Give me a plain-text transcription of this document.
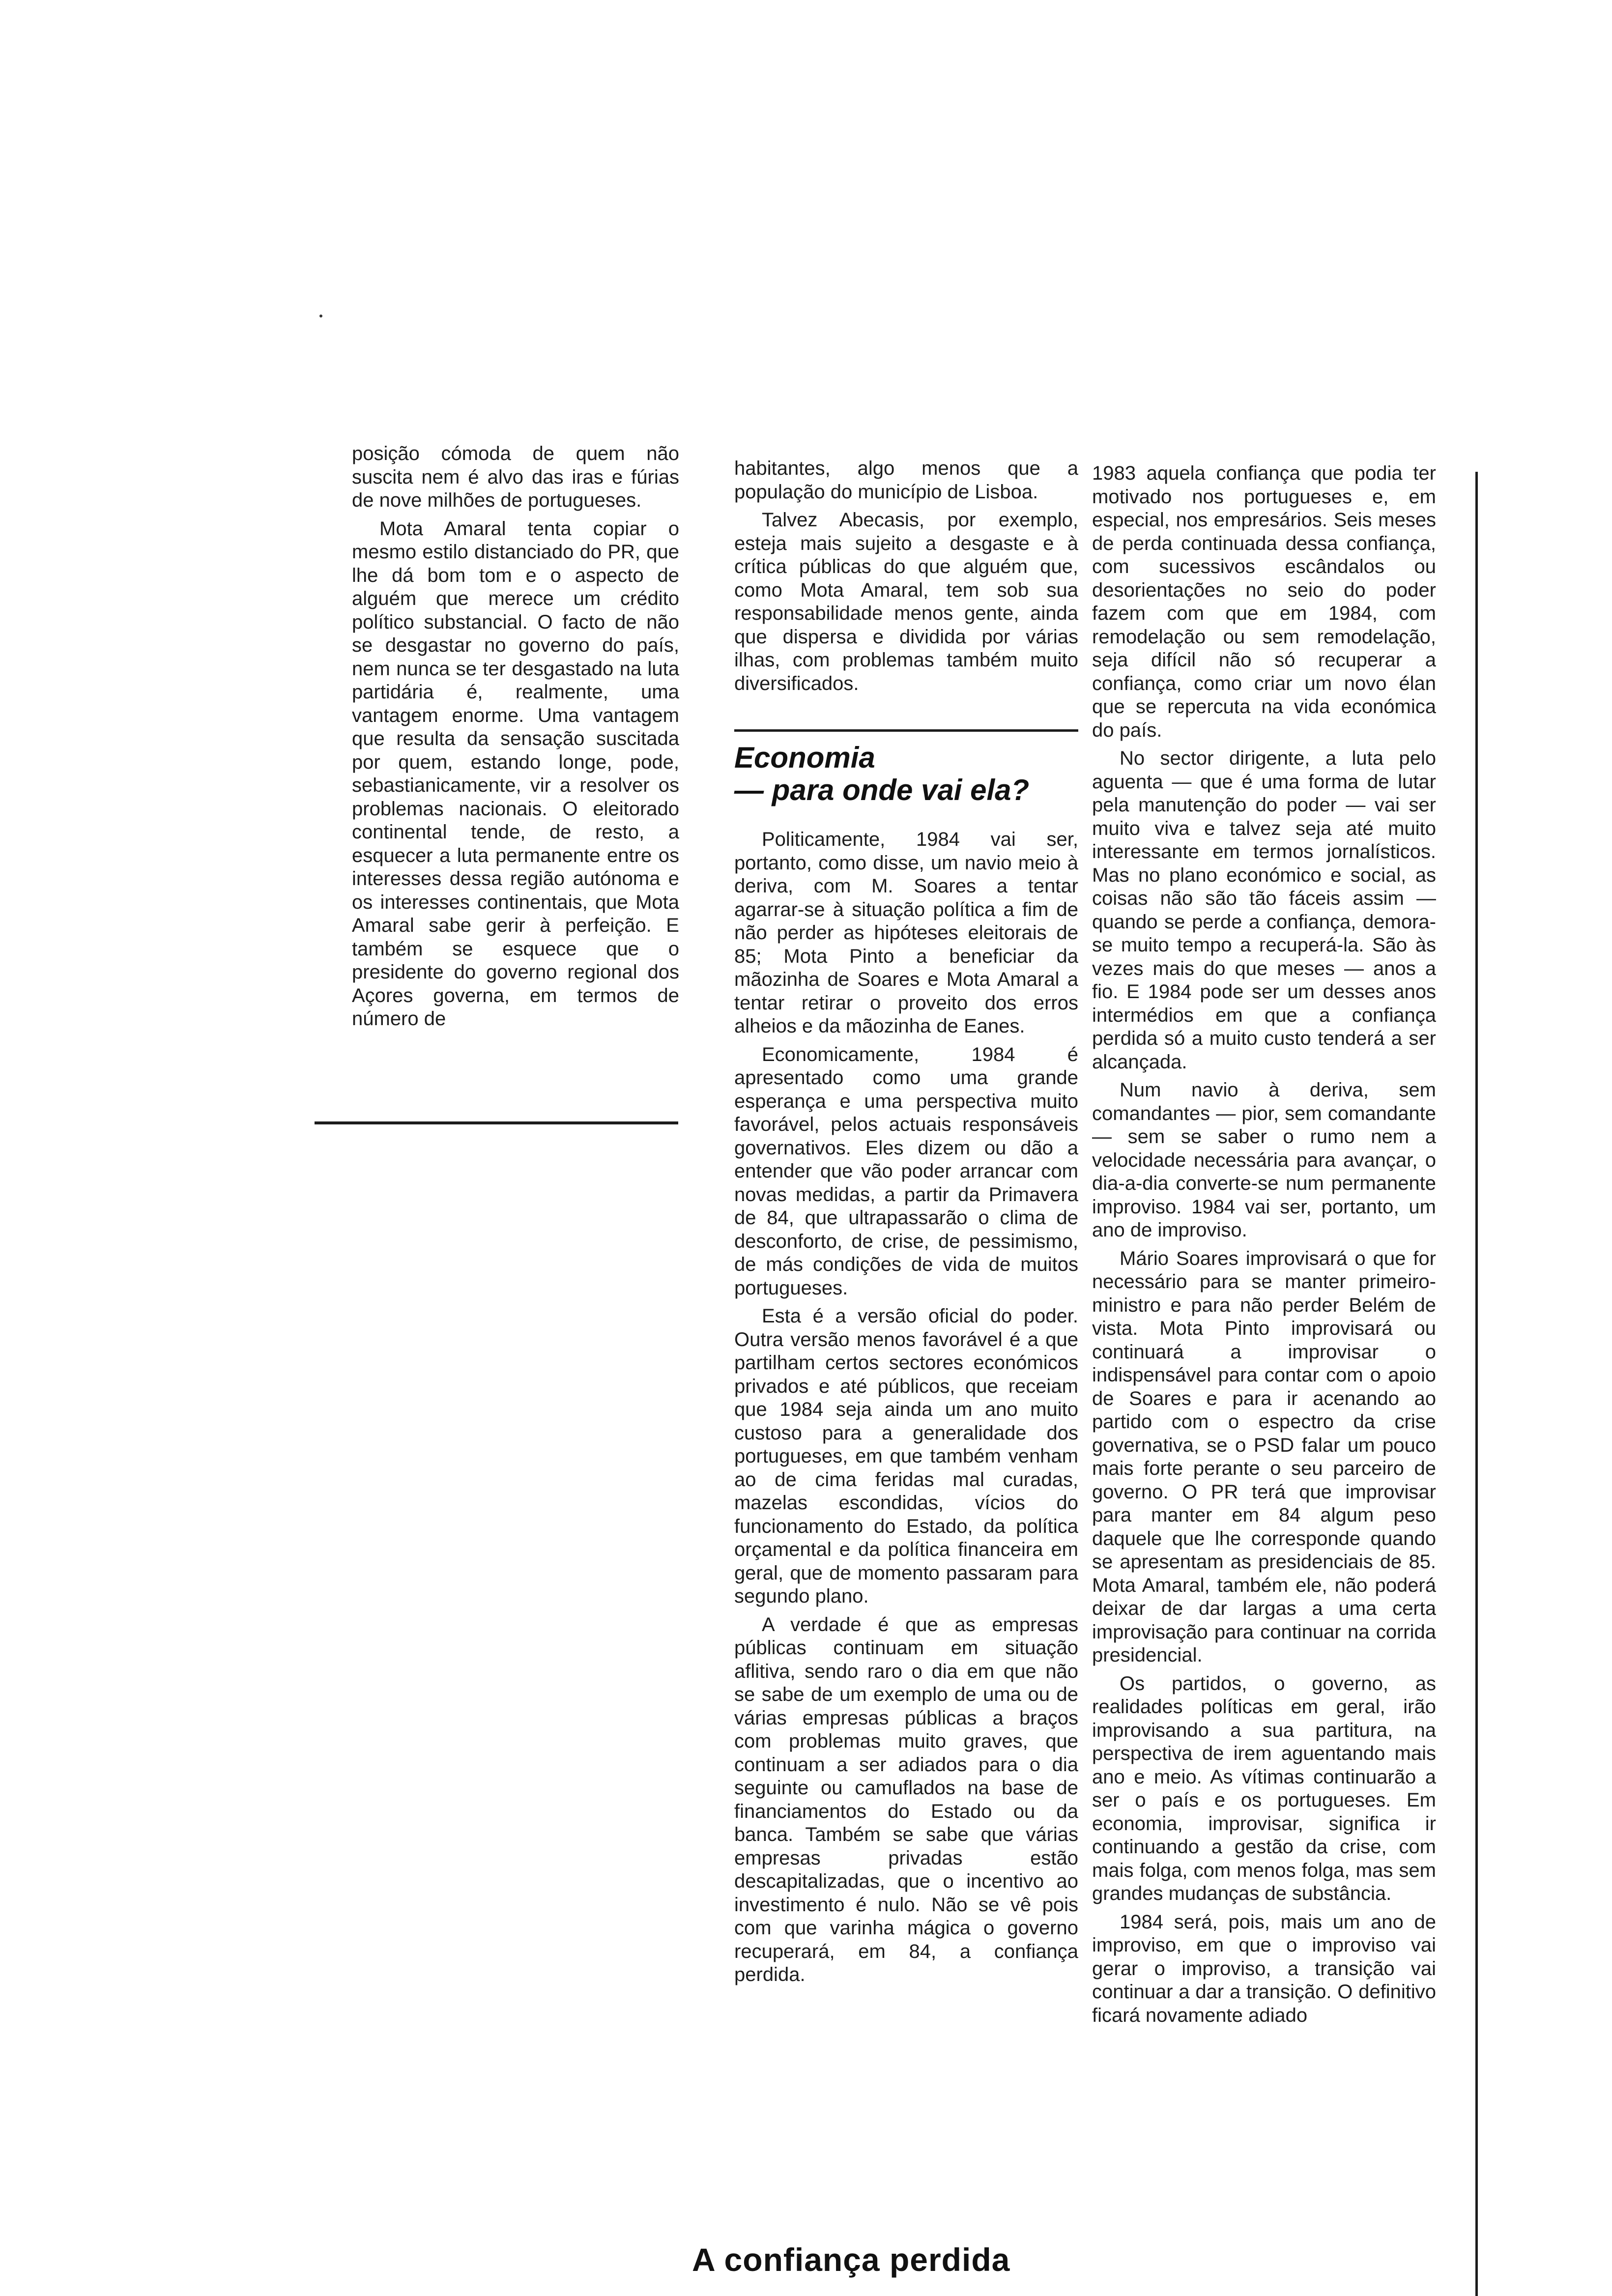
posição cómoda de quem não suscita nem é alvo das iras e fúrias de nove milhões de portugueses.

Mota Amaral tenta copiar o mesmo estilo distanciado do PR, que lhe dá bom tom e o aspecto de alguém que merece um crédito político substancial. O facto de não se desgastar no governo do país, nem nunca se ter desgastado na luta partidária é, realmente, uma vantagem enorme. Uma vantagem que resulta da sensação suscitada por quem, estando longe, pode, sebastianicamente, vir a resolver os problemas nacionais. O eleitorado continental tende, de resto, a esquecer a luta permanente entre os interesses dessa região autónoma e os interesses continentais, que Mota Amaral sabe gerir à perfeição. E também se esquece que o presidente do governo regional dos Açores governa, em termos de número de

habitantes, algo menos que a população do município de Lisboa.

Talvez Abecasis, por exemplo, esteja mais sujeito a desgaste e à crítica públicas do que alguém que, como Mota Amaral, tem sob sua responsabilidade menos gente, ainda que dispersa e dividida por várias ilhas, com problemas também muito diversificados.

Economia
— para onde vai ela?

Politicamente, 1984 vai ser, portanto, como disse, um navio meio à deriva, com M. Soares a tentar agarrar-se à situação política a fim de não perder as hipóteses eleitorais de 85; Mota Pinto a beneficiar da mãozinha de Soares e Mota Amaral a tentar retirar o proveito dos erros alheios e da mãozinha de Eanes.

Economicamente, 1984 é apresentado como uma grande esperança e uma perspectiva muito favorável, pelos actuais responsáveis governativos. Eles dizem ou dão a entender que vão poder arrancar com novas medidas, a partir da Primavera de 84, que ultrapassarão o clima de desconforto, de crise, de pessimismo, de más condições de vida de muitos portugueses.

Esta é a versão oficial do poder. Outra versão menos favorável é a que partilham certos sectores económicos privados e até públicos, que receiam que 1984 seja ainda um ano muito custoso para a generalidade dos portugueses, em que também venham ao de cima feridas mal curadas, mazelas escondidas, vícios do funcionamento do Estado, da política orçamental e da política financeira em geral, que de momento passaram para segundo plano.

A verdade é que as empresas públicas continuam em situação aflitiva, sendo raro o dia em que não se sabe de um exemplo de uma ou de várias empresas públicas a braços com problemas muito graves, que continuam a ser adiados para o dia seguinte ou camuflados na base de financiamentos do Estado ou da banca. Também se sabe que várias empresas privadas estão descapitalizadas, que o incentivo ao investimento é nulo. Não se vê pois com que varinha mágica o governo recuperará, em 84, a confiança perdida.

A confiança perdida

1983 aquela confiança que podia ter motivado nos portugueses e, em especial, nos empresários. Seis meses de perda continuada dessa confiança, com sucessivos escândalos ou desorientações no seio do poder fazem com que em 1984, com remodelação ou sem remodelação, seja difícil não só recuperar a confiança, como criar um novo élan que se repercuta na vida económica do país.

No sector dirigente, a luta pelo aguenta — que é uma forma de lutar pela manutenção do poder — vai ser muito viva e talvez seja até muito interessante em termos jornalísticos. Mas no plano económico e social, as coisas não são tão fáceis assim — quando se perde a confiança, demora-se muito tempo a recuperá-la. São às vezes mais do que meses — anos a fio. E 1984 pode ser um desses anos intermédios em que a confiança perdida só a muito custo tenderá a ser alcançada.

Num navio à deriva, sem comandantes — pior, sem comandante — sem se saber o rumo nem a velocidade necessária para avançar, o dia-a-dia converte-se num permanente improviso. 1984 vai ser, portanto, um ano de improviso.

Mário Soares improvisará o que for necessário para se manter primeiro-ministro e para não perder Belém de vista. Mota Pinto improvisará ou continuará a improvisar o indispensável para contar com o apoio de Soares e para ir acenando ao partido com o espectro da crise governativa, se o PSD falar um pouco mais forte perante o seu parceiro de governo. O PR terá que improvisar para manter em 84 algum peso daquele que lhe corresponde quando se apresentam as presidenciais de 85. Mota Amaral, também ele, não poderá deixar de dar largas a uma certa improvisação para continuar na corrida presidencial.

Os partidos, o governo, as realidades políticas em geral, irão improvisando a sua partitura, na perspectiva de irem aguentando mais ano e meio. As vítimas continuarão a ser o país e os portugueses. Em economia, improvisar, significa ir continuando a gestão da crise, com mais folga, com menos folga, mas sem grandes mudanças de substância.

1984 será, pois, mais um ano de improviso, em que o improviso vai gerar o improviso, a transição vai continuar a dar a transição. O definitivo ficará novamente adiado
